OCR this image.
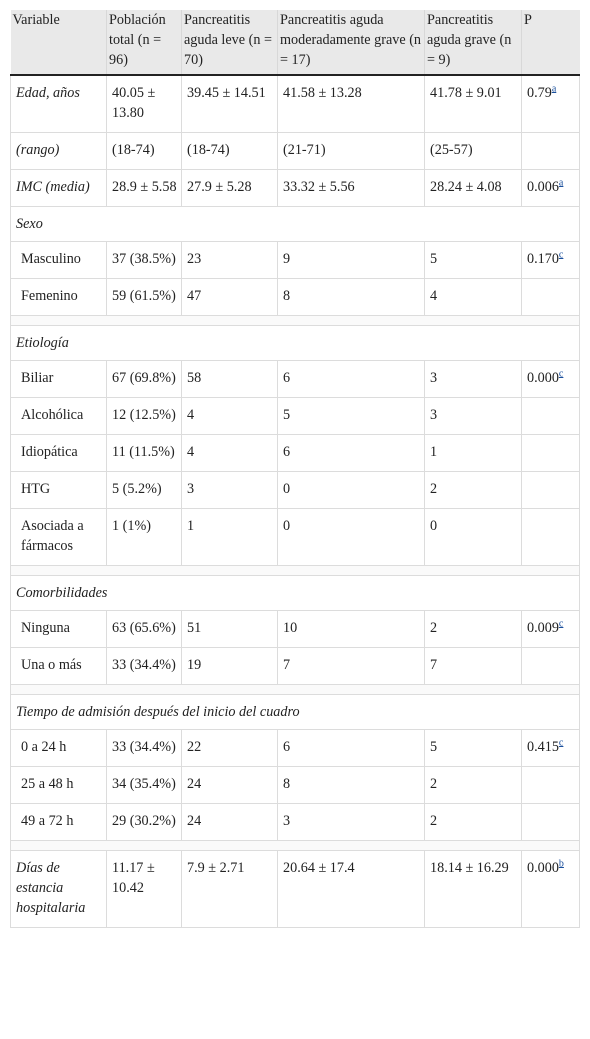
Variable	Población total (n = 96)	Pancreatitis aguda leve (n = 70)	Pancreatitis aguda moderadamente grave (n = 17)	Pancreatitis aguda grave (n = 9)	P
Edad, años	40.05 ± 13.80	39.45 ± 14.51	41.58 ± 13.28	41.78 ± 9.01	0.79$^a$
(rango)	(18-74)	(18-74)	(21-71)	(25-57)	
IMC (media)	28.9 ± 5.58	27.9 ± 5.28	33.32 ± 5.56	28.24 ± 4.08	0.006$^a$
Sexo					
Masculino	37 (38.5%)	23	9	5	0.170$^c$
Femenino	59 (61.5%)	47	8	4	

Etiología					
Biliar	67 (69.8%)	58	6	3	0.000$^c$
Alcohólica	12 (12.5%)	4	5	3	
Idiopática	11 (11.5%)	4	6	1	
HTG	5 (5.2%)	3	0	2	
Asociada a fármacos	1 (1%)	1	0	0	

Comorbilidades					
Ninguna	63 (65.6%)	51	10	2	0.009$^c$
Una o más	33 (34.4%)	19	7	7	

Tiempo de admisión después del inicio del cuadro					
0 a 24 h	33 (34.4%)	22	6	5	0.415$^c$
25 a 48 h	34 (35.4%)	24	8	2	
49 a 72 h	29 (30.2%)	24	3	2	

Días de estancia hospitalaria	11.17 ± 10.42	7.9 ± 2.71	20.64 ± 17.4	18.14 ± 16.29	0.000$^b$
